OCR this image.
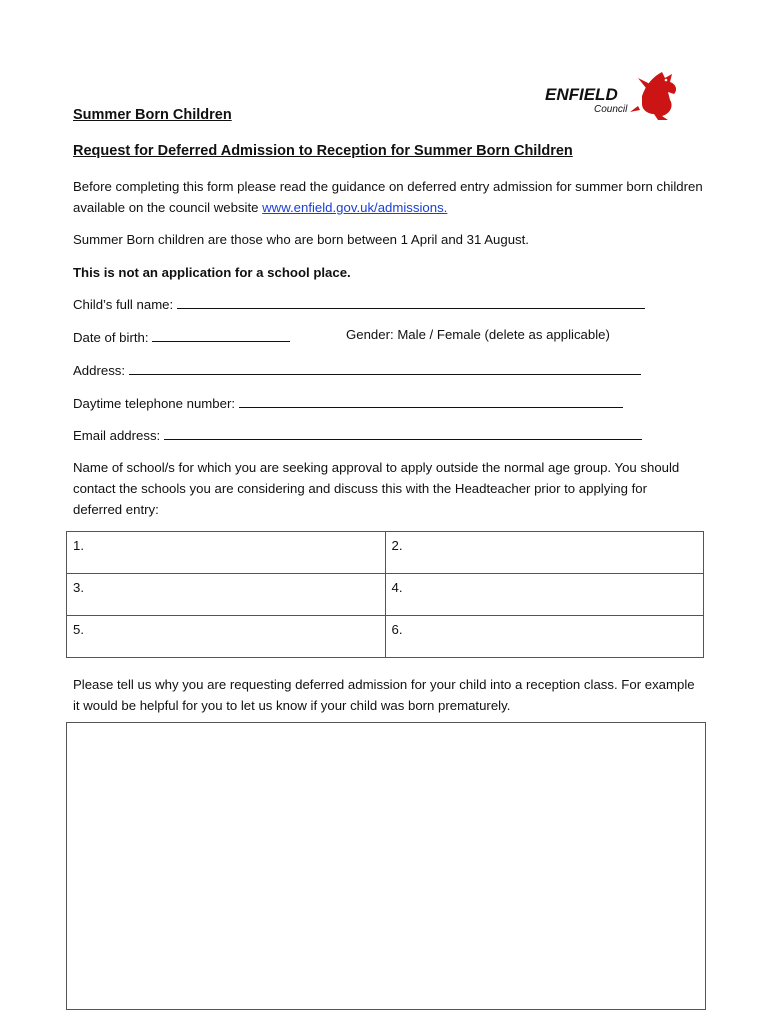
ENFIELD
Council
Summer Born Children
Request for Deferred Admission to Reception for Summer Born Children
Before completing this form please read the guidance on deferred entry admission for summer born children available on the council website www.enfield.gov.uk/admissions.
Summer Born children are those who are born between 1 April and 31 August.
This is not an application for a school place.
Child’s full name:
Date of birth:	Gender: Male / Female (delete as applicable)
Address:
Daytime telephone number:
Email address:
Name of school/s for which you are seeking approval to apply outside the normal age group. You should contact the schools you are considering and discuss this with the Headteacher prior to applying for deferred entry:
1.	2.
3.	4.
5.	6.
Please tell us why you are requesting deferred admission for your child into a reception class. For example it would be helpful for you to let us know if your child was born prematurely.
